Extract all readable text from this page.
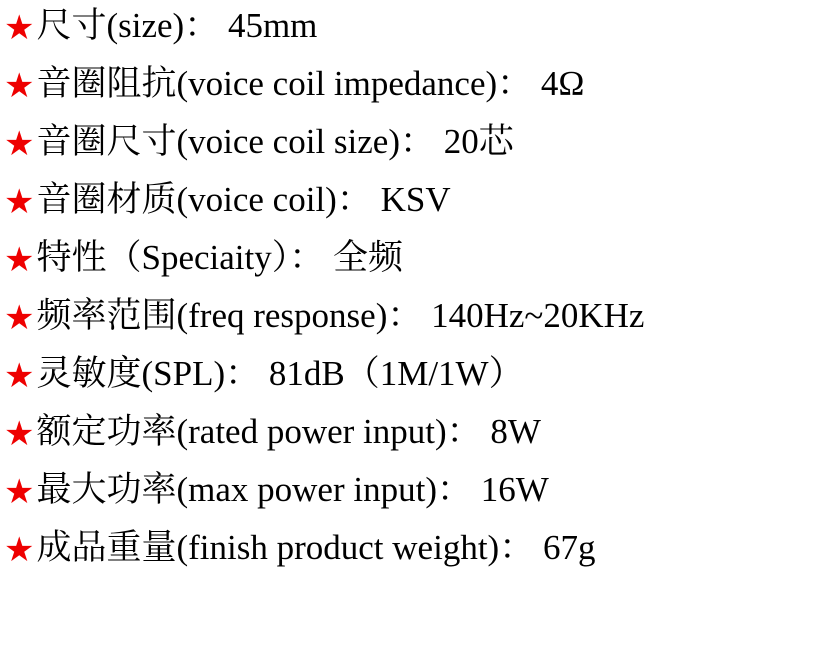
★ 尺寸(size)： 45mm
★ 音圈阻抗(voice coil impedance)： 4Ω
★ 音圈尺寸(voice coil size)： 20芯
★ 音圈材质(voice coil)： KSV
★ 特性（Speciaity）： 全频
★ 频率范围(freq response)： 140Hz~20KHz
★ 灵敏度(SPL)： 81dB（1M/1W）
★ 额定功率(rated power input)： 8W
★ 最大功率(max power input)： 16W
★ 成品重量(finish product weight)： 67g
